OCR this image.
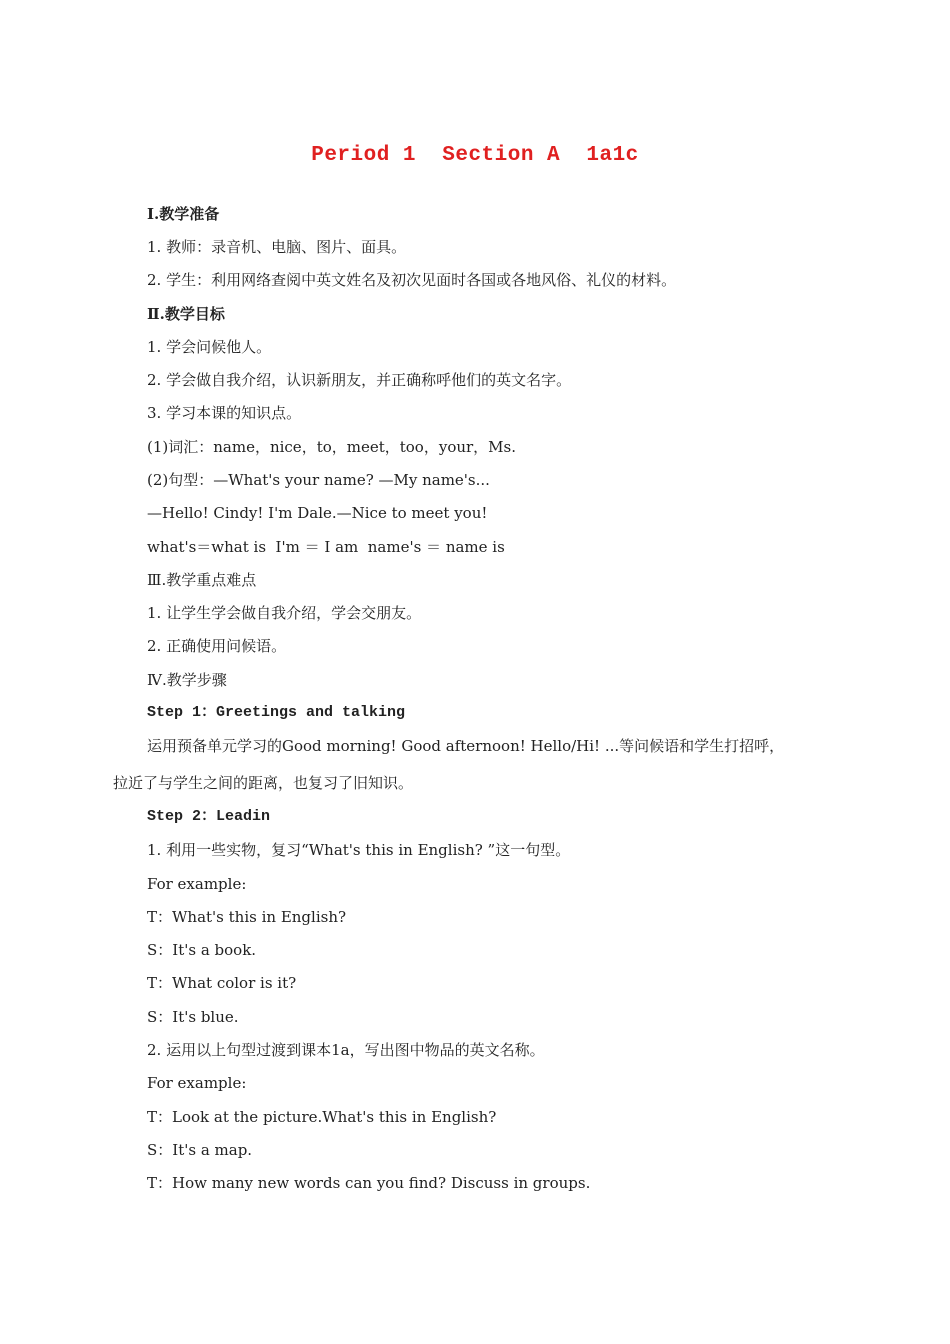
Period 1  Section A  1a1c
Ⅰ.教学准备
1. 教师：录音机、电脑、图片、面具。
2. 学生：利用网络查阅中英文姓名及初次见面时各国或各地风俗、礼仪的材料。
Ⅱ.教学目标
1. 学会问候他人。
2. 学会做自我介绍，认识新朋友，并正确称呼他们的英文名字。
3. 学习本课的知识点。
(1)词汇：name，nice，to，meet，too，your，Ms.
(2)句型：—What's your name? —My name's...
—Hello! Cindy! I'm Dale.—Nice to meet you!
what's＝what is  I'm ＝ I am  name's ＝ name is
Ⅲ.教学重点难点
1. 让学生学会做自我介绍，学会交朋友。
2. 正确使用问候语。
Ⅳ.教学步骤
Step 1：Greetings and talking
运用预备单元学习的Good morning! Good afternoon! Hello/Hi! ...等问候语和学生打招呼，
拉近了与学生之间的距离，也复习了旧知识。
Step 2：Leadin
1. 利用一些实物，复习“What's this in English? ”这一句型。
For example:
T：What's this in English?
S：It's a book.
T：What color is it?
S：It's blue.
2. 运用以上句型过渡到课本1a，写出图中物品的英文名称。
For example:
T：Look at the picture.What's this in English?
S：It's a map.
T：How many new words can you find? Discuss in groups.
